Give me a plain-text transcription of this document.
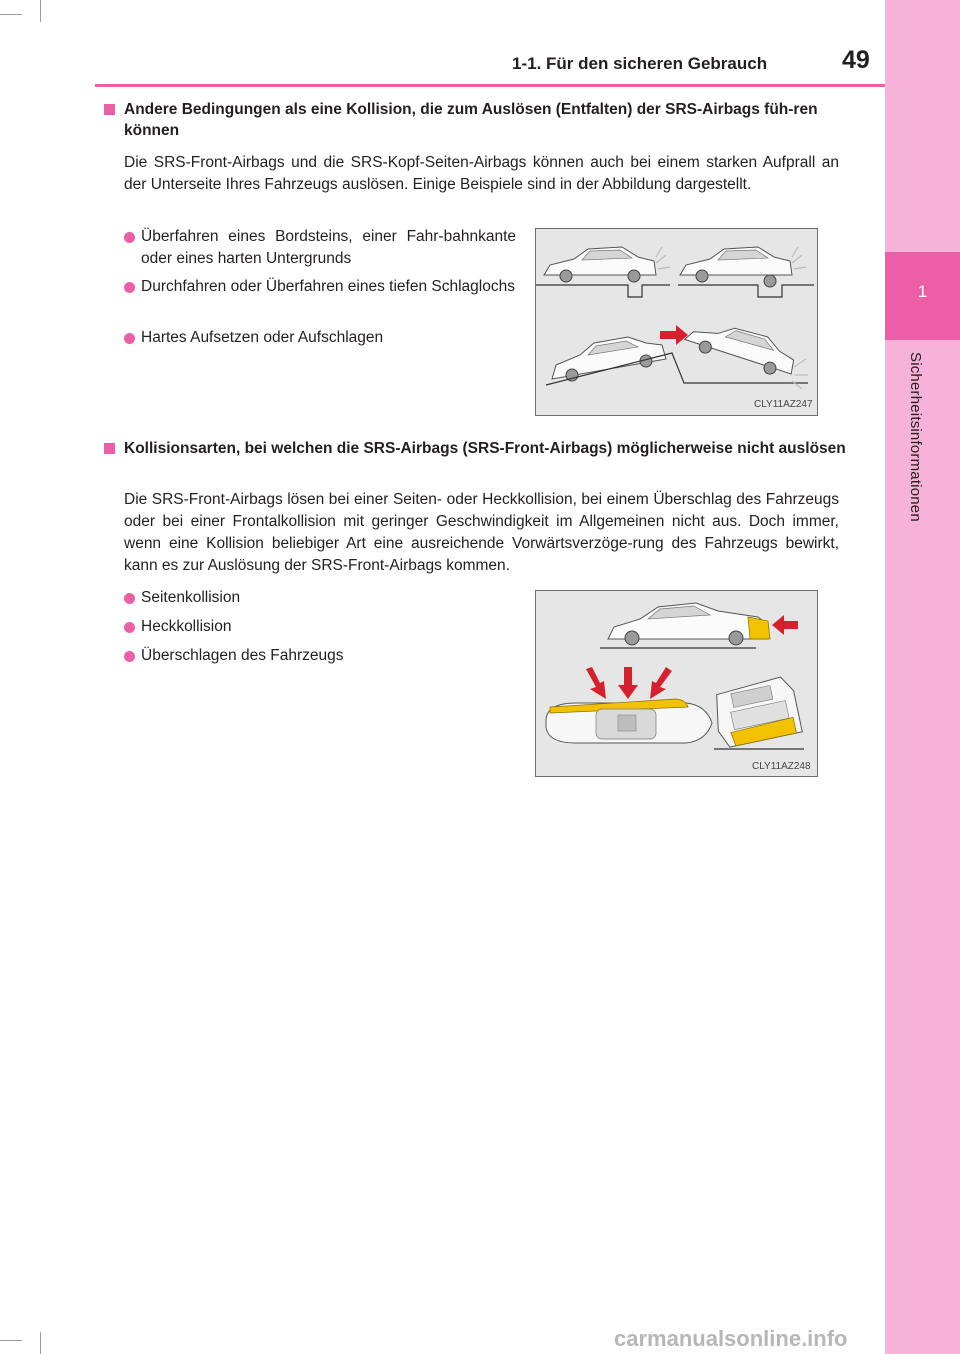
1
Sicherheitsinformationen
1-1. Für den sicheren Gebrauch	49
Andere Bedingungen als eine Kollision, die zum Auslösen (Entfalten) der SRS-Airbags füh-ren können
Die SRS-Front-Airbags und die SRS-Kopf-Seiten-Airbags können auch bei einem starken Aufprall an der Unterseite Ihres Fahrzeugs auslösen. Einige Beispiele sind in der Abbildung dargestellt.
Überfahren eines Bordsteins, einer Fahr-bahnkante oder eines harten Untergrunds
Durchfahren oder Überfahren eines tiefen Schlaglochs
Hartes Aufsetzen oder Aufschlagen
CLY11AZ247
Kollisionsarten, bei welchen die SRS-Airbags (SRS-Front-Airbags) möglicherweise nicht auslösen
Die SRS-Front-Airbags lösen bei einer Seiten- oder Heckkollision, bei einem Überschlag des Fahrzeugs oder bei einer Frontalkollision mit geringer Geschwindigkeit im Allgemeinen nicht aus. Doch immer, wenn eine Kollision beliebiger Art eine ausreichende Vorwärtsverzöge-rung des Fahrzeugs bewirkt, kann es zur Auslösung der SRS-Front-Airbags kommen.
Seitenkollision
Heckkollision
Überschlagen des Fahrzeugs
CLY11AZ248
carmanualsonline.info
